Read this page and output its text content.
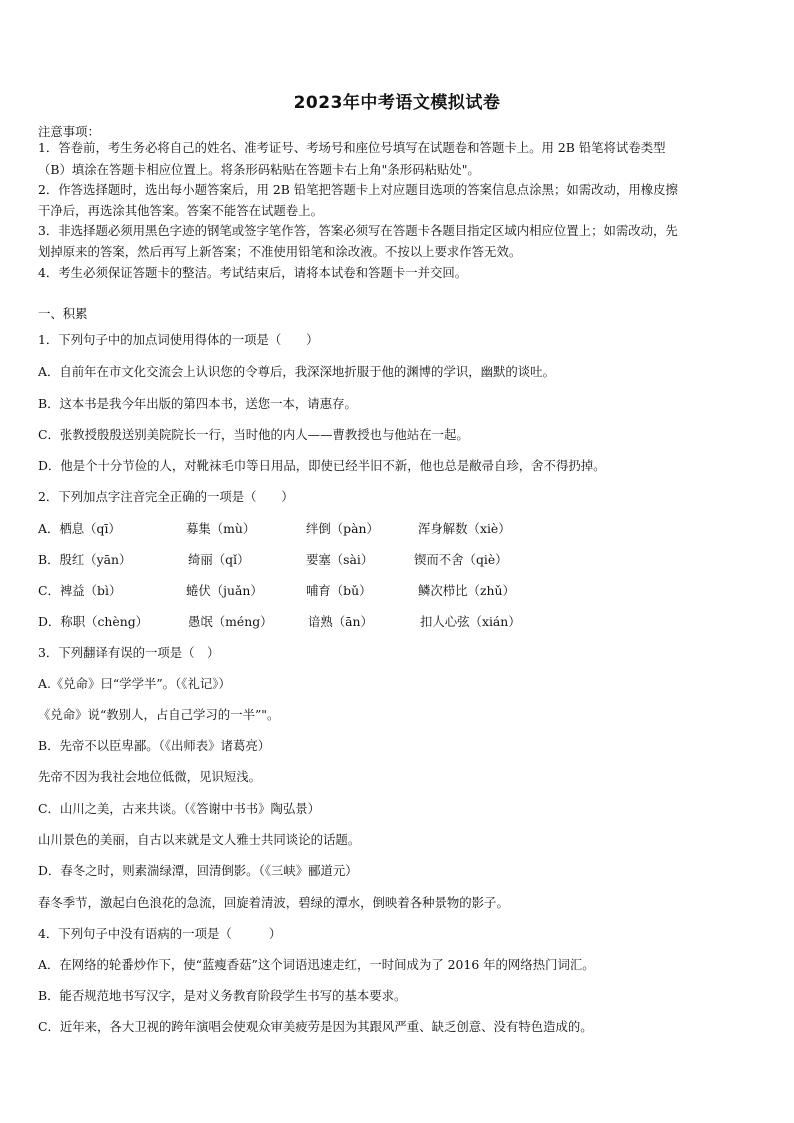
2023年中考语文模拟试卷
注意事项：
1．答卷前，考生务必将自己的姓名、准考证号、考场号和座位号填写在试题卷和答题卡上。用 2B 铅笔将试卷类型
（B）填涂在答题卡相应位置上。将条形码粘贴在答题卡右上角"条形码粘贴处"。
2．作答选择题时，选出每小题答案后，用 2B 铅笔把答题卡上对应题目选项的答案信息点涂黑；如需改动，用橡皮擦
干净后，再选涂其他答案。答案不能答在试题卷上。
3．非选择题必须用黑色字迹的钢笔或签字笔作答，答案必须写在答题卡各题目指定区域内相应位置上；如需改动，先
划掉原来的答案，然后再写上新答案；不准使用铅笔和涂改液。不按以上要求作答无效。
4．考生必须保证答题卡的整洁。考试结束后，请将本试卷和答题卡一并交回。
一、积累
1．下列句子中的加点词使用得体的一项是（　　）
A．自前年在市文化交流会上认识您的令尊后，我深深地折服于他的渊博的学识，幽默的谈吐。
B．这本书是我今年出版的第四本书，送您一本，请惠存。
C．张教授殷殷送别美院院长一行，当时他的内人——曹教授也与他站在一起。
D．他是个十分节俭的人，对靴袜毛巾等日用品，即使已经半旧不新，他也总是敝帚自珍，舍不得扔掉。
2．下列加点字注音完全正确的一项是（　　）
A．栖息（qī）	募集（mù）	绊倒（pàn）	浑身解数（xiè）
B．殷红（yān）	绮丽（qǐ）	要塞（sài）	锲而不舍（qiè）
C．裨益（bì）	蜷伏（juǎn）	哺育（bǔ）	鳞次栉比（zhǔ）
D．称职（chèng）	愚氓（méng）	谙熟（ān）	扣人心弦（xián）
3．下列翻译有误的一项是（　）
A.《兑命》曰“学学半”。（《礼记》）
《兑命》说“教别人，占自己学习的一半”"。
B．先帝不以臣卑鄙。（《出师表》诸葛亮）
先帝不因为我社会地位低微，见识短浅。
C．山川之美，古来共谈。（《答谢中书书》陶弘景）
山川景色的美丽，自古以来就是文人雅士共同谈论的话题。
D．春冬之时，则素湍绿潭，回清倒影。（《三峡》郦道元）
春冬季节，激起白色浪花的急流，回旋着清波，碧绿的潭水，倒映着各种景物的影子。
4．下列句子中没有语病的一项是（　　　）
A．在网络的轮番炒作下，使“蓝瘦香菇”这个词语迅速走红，一时间成为了 2016 年的网络热门词汇。
B．能否规范地书写汉字，是对义务教育阶段学生书写的基本要求。
C．近年来，各大卫视的跨年演唱会使观众审美疲劳是因为其跟风严重、缺乏创意、没有特色造成的。
